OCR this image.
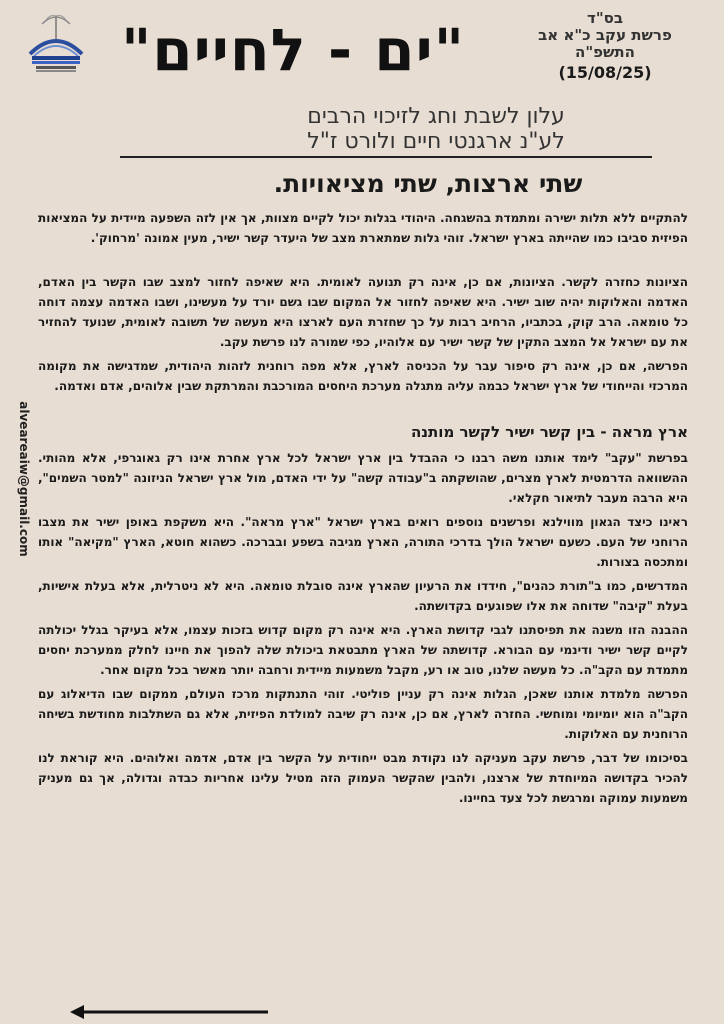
בס"ד
פרשת עקב כ"א אב התשפ"ה
(15/08/25)
"ים - לחיים"
עלון לשבת וחג לזיכוי הרבים
לע"נ ארגנטי חיים ולורט ז"ל
שתי ארצות, שתי מציאויות.
alveareaiw@gmail.com

להתקיים ללא תלות ישירה ומתמדת בהשגחה. היהודי בגלות יכול לקיים מצוות, אך אין לזה השפעה מיידית על המציאות הפיזית סביבו כמו שהייתה בארץ ישראל. זוהי גלות שמתארת מצב של היעדר קשר ישיר, מעין אמונה 'מרחוק'.

הציונות כחזרה לקשר. הציונות, אם כן, אינה רק תנועה לאומית. היא שאיפה לחזור למצב שבו הקשר בין האדם, האדמה והאלוקות יהיה שוב ישיר. היא שאיפה לחזור אל המקום שבו גשם יורד על מעשינו, ושבו האדמה עצמה דוחה כל טומאה. הרב קוק, בכתביו, הרחיב רבות על כך שחזרת העם לארצו היא מעשה של תשובה לאומית, שנועד להחזיר את עם ישראל אל המצב התקין של קשר ישיר עם אלוהיו, כפי שמורה לנו פרשת עקב.

הפרשה, אם כן, אינה רק סיפור עבר על הכניסה לארץ, אלא מפה רוחנית לזהות היהודית, שמדגישה את מקומה המרכזי והייחודי של ארץ ישראל כבמה עליה מתגלה מערכת היחסים המורכבת והמרתקת שבין אלוהים, אדם ואדמה.

ארץ מראה - בין קשר ישיר לקשר מותנה

בפרשת "עקב" לימד אותנו משה רבנו כי ההבדל בין ארץ ישראל לכל ארץ אחרת אינו רק גאוגרפי, אלא מהותי. ההשוואה הדרמטית לארץ מצרים, שהושקתה ב"עבודה קשה" על ידי האדם, מול ארץ ישראל הניזונה "למטר השמים", היא הרבה מעבר לתיאור חקלאי.

ראינו כיצד הגאון מווילנא ופרשנים נוספים רואים בארץ ישראל "ארץ מראה". היא משקפת באופן ישיר את מצבו הרוחני של העם. כשעם ישראל הולך בדרכי התורה, הארץ מגיבה בשפע ובברכה. כשהוא חוטא, הארץ "מקיאה" אותו ומתכסה בצורות.

המדרשים, כמו ב"תורת כהנים", חידדו את הרעיון שהארץ אינה סובלת טומאה. היא לא ניטרלית, אלא בעלת אישיות, בעלת "קיבה" שדוחה את אלו שפוגעים בקדושתה.

ההבנה הזו משנה את תפיסתנו לגבי קדושת הארץ. היא אינה רק מקום קדוש בזכות עצמו, אלא בעיקר בגלל יכולתה לקיים קשר ישיר ודינמי עם הבורא. קדושתה של הארץ מתבטאת ביכולת שלה להפוך את חיינו לחלק ממערכת יחסים מתמדת עם הקב"ה. כל מעשה שלנו, טוב או רע, מקבל משמעות מיידית ורחבה יותר מאשר בכל מקום אחר.

הפרשה מלמדת אותנו שאכן, הגלות אינה רק עניין פוליטי. זוהי התנתקות מרכז העולם, ממקום שבו הדיאלוג עם הקב"ה הוא יומיומי ומוחשי. החזרה לארץ, אם כן, אינה רק שיבה למולדת הפיזית, אלא גם השתלבות מחודשת בשיחה הרוחנית עם האלוקות.

בסיכומו של דבר, פרשת עקב מעניקה לנו נקודת מבט ייחודית על הקשר בין אדם, אדמה ואלוהים. היא קוראת לנו להכיר בקדושה המיוחדת של ארצנו, ולהבין שהקשר העמוק הזה מטיל עלינו אחריות כבדה וגדולה, אך גם מעניק משמעות עמוקה ומרגשת לכל צעד בחיינו.
